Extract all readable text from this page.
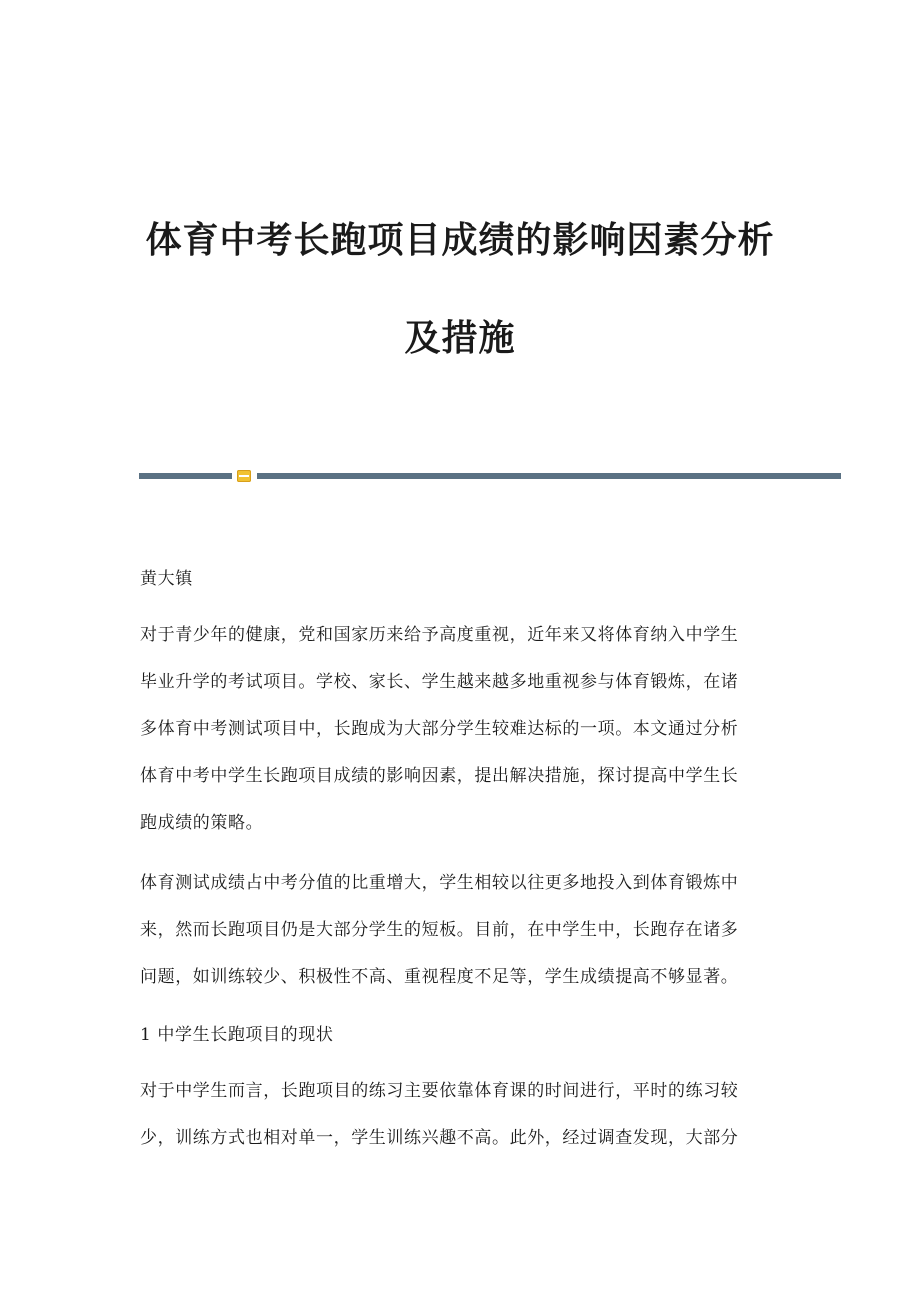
体育中考长跑项目成绩的影响因素分析
及措施
黄大镇
对于青少年的健康，党和国家历来给予高度重视，近年来又将体育纳入中学生
毕业升学的考试项目。学校、家长、学生越来越多地重视参与体育锻炼，在诸
多体育中考测试项目中，长跑成为大部分学生较难达标的一项。本文通过分析
体育中考中学生长跑项目成绩的影响因素，提出解决措施，探讨提高中学生长
跑成绩的策略。
体育测试成绩占中考分值的比重增大，学生相较以往更多地投入到体育锻炼中
来，然而长跑项目仍是大部分学生的短板。目前，在中学生中，长跑存在诸多
问题，如训练较少、积极性不高、重视程度不足等，学生成绩提高不够显著。
1 中学生长跑项目的现状
对于中学生而言，长跑项目的练习主要依靠体育课的时间进行，平时的练习较
少，训练方式也相对单一，学生训练兴趣不高。此外，经过调查发现，大部分
